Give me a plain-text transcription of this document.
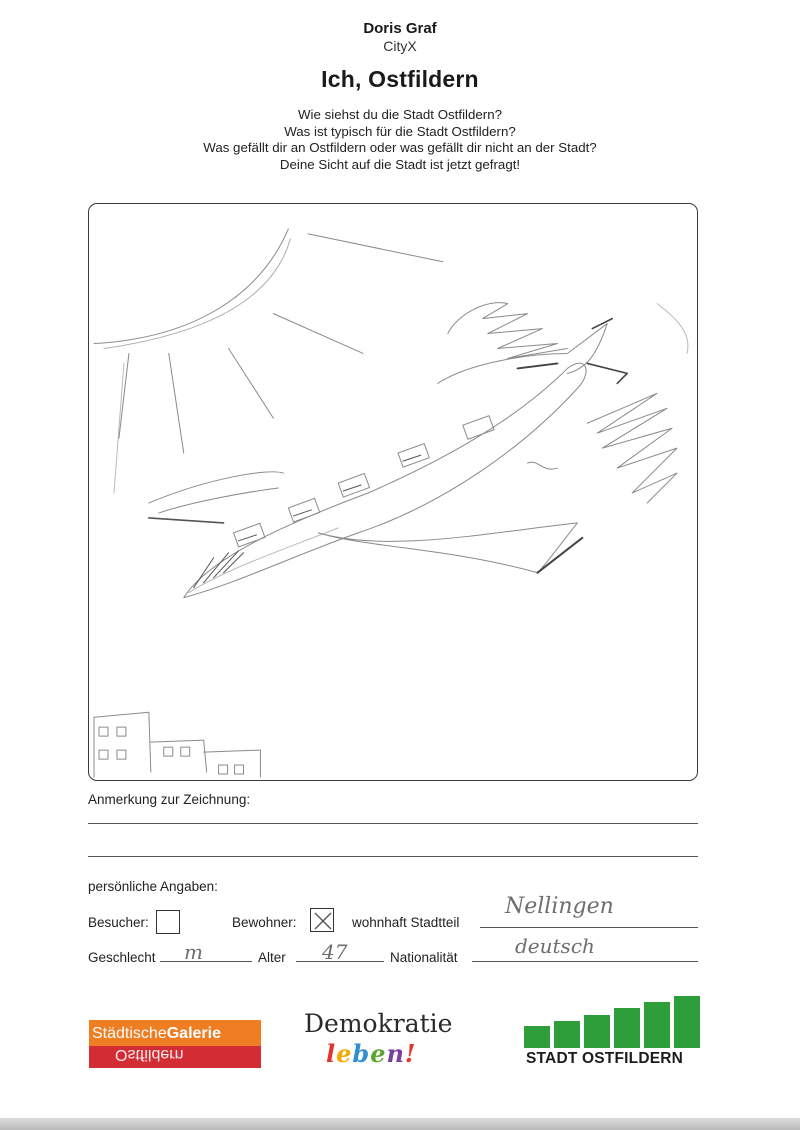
Doris Graf
CityX
Ich, Ostfildern
Wie siehst du die Stadt Ostfildern?
Was ist typisch für die Stadt Ostfildern?
Was gefällt dir an Ostfildern oder was gefällt dir nicht an der Stadt?
Deine Sicht auf die Stadt ist jetzt gefragt!
Anmerkung zur Zeichnung:
persönliche Angaben:
Besucher:	Bewohner:	wohnhaft Stadtteil
Nellingen
Geschlecht m	Alter 47	Nationalität	deutsch
StädtischeGalerie
Ostfildern
Demokratie
leben!	STADT OSTFILDERN
